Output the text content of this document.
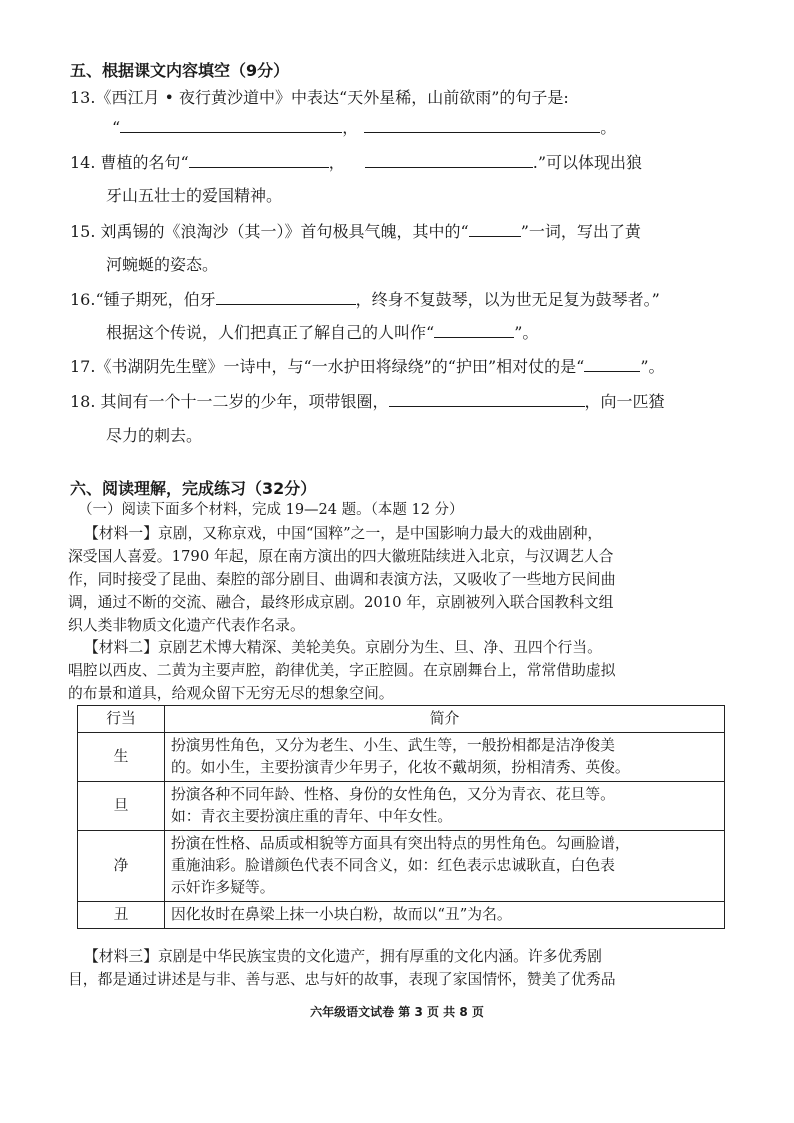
五、根据课文内容填空（9分）
13.《西江月 • 夜行黄沙道中》中表达“天外星稀，山前欲雨”的句子是:
“	，	。
14. 曹植的名句“	，	.”可以体现出狼
牙山五壮士的爱国精神。
15. 刘禹锡的《浪淘沙（其一）》首句极具气魄，其中的“	”一词，写出了黄
河蜿蜒的姿态。
16.“锺子期死，伯牙	，终身不复鼓琴，以为世无足复为鼓琴者。”
根据这个传说，人们把真正了解自己的人叫作“	”。
17.《书湖阴先生壁》一诗中，与“一水护田将绿绕”的“护田”相对仗的是“	”。
18. 其间有一个十一二岁的少年，项带银圈，	，向一匹猹
尽力的刺去。
六、阅读理解，完成练习（32分）
（一）阅读下面多个材料，完成 19—24 题。（本题 12 分）
【材料一】京剧，又称京戏，中国“国粹”之一，是中国影响力最大的戏曲剧种，
深受国人喜爱。1790 年起，原在南方演出的四大徽班陆续进入北京，与汉调艺人合
作，同时接受了昆曲、秦腔的部分剧目、曲调和表演方法，又吸收了一些地方民间曲
调，通过不断的交流、融合，最终形成京剧。2010 年，京剧被列入联合国教科文组
织人类非物质文化遗产代表作名录。
【材料二】京剧艺术博大精深、美轮美奂。京剧分为生、旦、净、丑四个行当。
唱腔以西皮、二黄为主要声腔，韵律优美，字正腔圆。在京剧舞台上，常常借助虚拟
的布景和道具，给观众留下无穷无尽的想象空间。
行当	简介
生	扮演男性角色，又分为老生、小生、武生等，一般扮相都是洁净俊美
的。如小生，主要扮演青少年男子，化妆不戴胡须，扮相清秀、英俊。

旦	扮演各种不同年龄、性格、身份的女性角色，又分为青衣、花旦等。
如：青衣主要扮演庄重的青年、中年女性。

净	扮演在性格、品质或相貌等方面具有突出特点的男性角色。勾画脸谱，
重施油彩。脸谱颜色代表不同含义，如：红色表示忠诚耿直，白色表
示奸诈多疑等。

丑	因化妆时在鼻梁上抹一小块白粉，故而以“丑”为名。
【材料三】京剧是中华民族宝贵的文化遗产，拥有厚重的文化内涵。许多优秀剧
目，都是通过讲述是与非、善与恶、忠与奸的故事，表现了家国情怀，赞美了优秀品
六年级语文试卷 第 3 页 共 8 页
